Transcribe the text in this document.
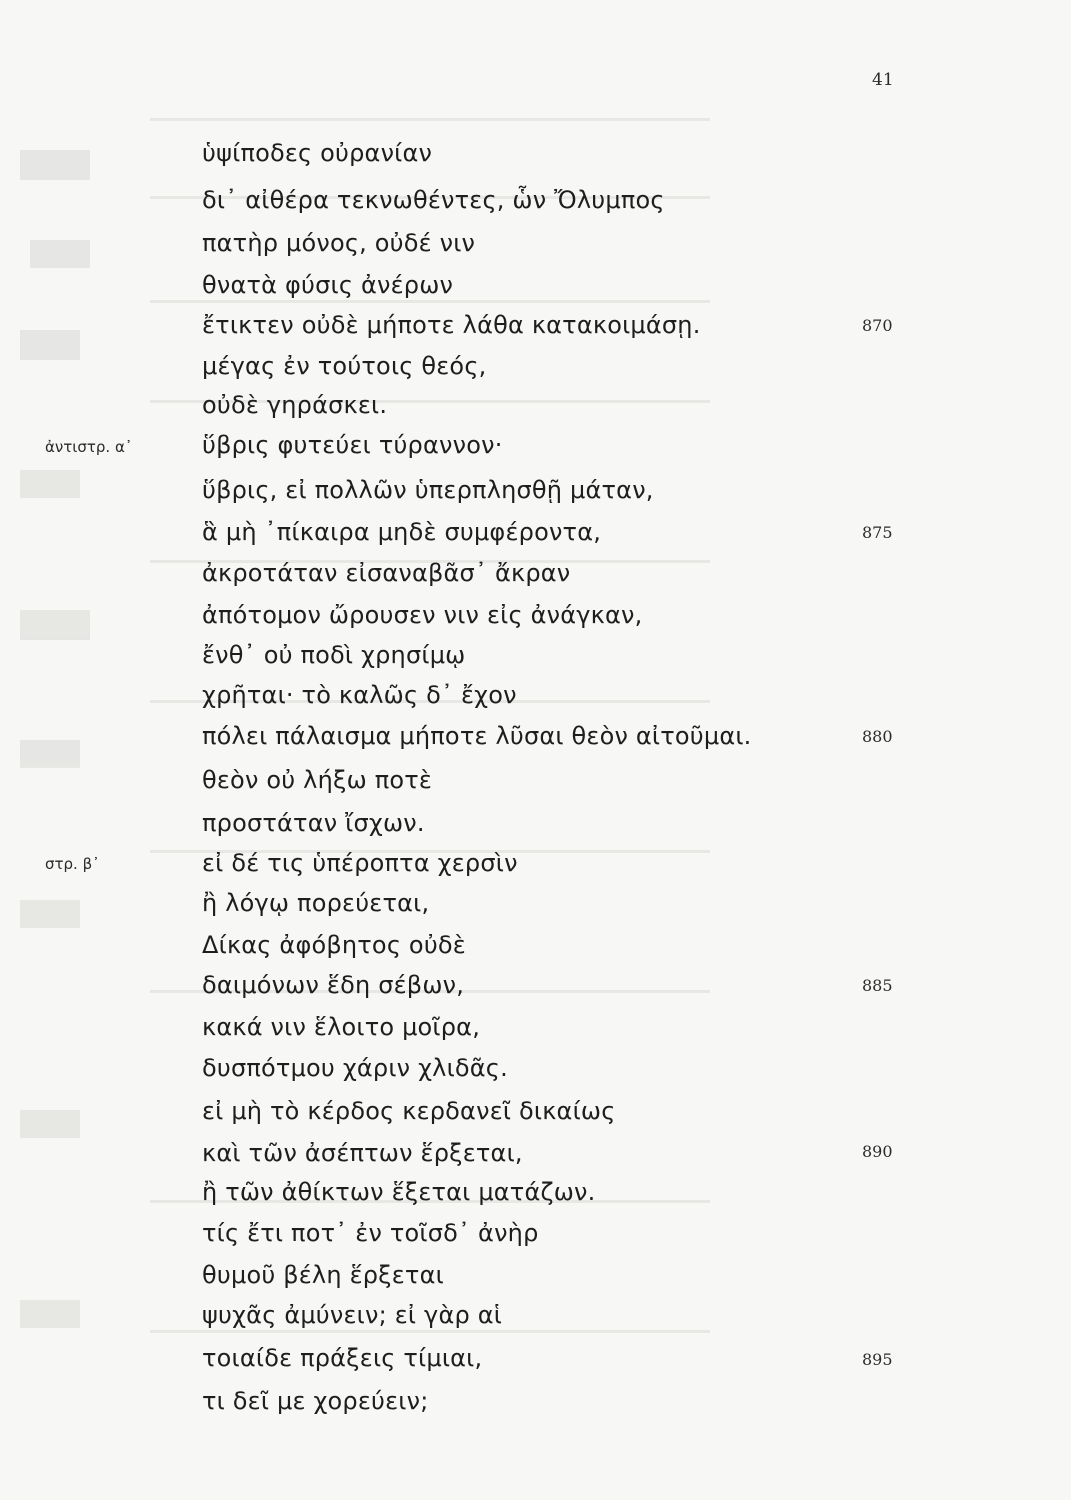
41
ὑψίποδες οὐρανίαν
δι᾽ αἰθέρα τεκνωθέντες, ὧν Ὄλυμπος
πατὴρ μόνος, οὐδέ νιν
θνατὰ φύσις ἀνέρων
ἔτικτεν οὐδὲ μήποτε λάθα κατακοιμάσῃ.
μέγας ἐν τούτοις θεός,
οὐδὲ γηράσκει.
ὕβρις φυτεύει τύραννον·
ὕβρις, εἰ πολλῶν ὑπερπλησθῇ μάταν,
ἃ μὴ ᾽πίκαιρα μηδὲ συμφέροντα,
ἀκροτάταν εἰσαναβᾶσ᾽ ἄκραν
ἀπότομον ὤρουσεν νιν εἰς ἀνάγκαν,
ἔνθ᾽ οὐ ποδὶ χρησίμῳ
χρῆται· τὸ καλῶς δ᾽ ἔχον
πόλει πάλαισμα μήποτε λῦσαι θεὸν αἰτοῦμαι.
θεὸν οὐ λήξω ποτὲ
προστάταν ἴσχων.
εἰ δέ τις ὑπέροπτα χερσὶν
ἢ λόγῳ πορεύεται,
Δίκας ἀφόβητος οὐδὲ
δαιμόνων ἕδη σέβων,
κακά νιν ἕλοιτο μοῖρα,
δυσπότμου χάριν χλιδᾶς.
εἰ μὴ τὸ κέρδος κερδανεῖ δικαίως
καὶ τῶν ἀσέπτων ἕρξεται,
ἢ τῶν ἀθίκτων ἕξεται ματάζων.
τίς ἔτι ποτ᾽ ἐν τοῖσδ᾽ ἀνὴρ
θυμοῦ βέλη ἕρξεται
ψυχᾶς ἀμύνειν; εἰ γὰρ αἱ
τοιαίδε πράξεις τίμιαι,
τι δεῖ με χορεύειν;
870
875
880
885
890
895
ἀντιστρ. α᾽
στρ. β᾽
